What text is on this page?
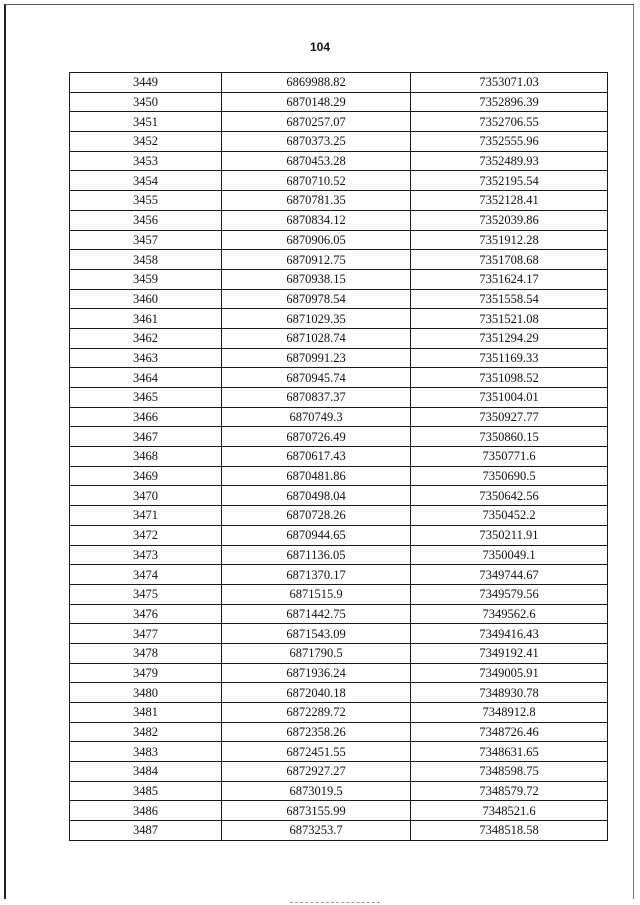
104
3449	6869988.82	7353071.03
3450	6870148.29	7352896.39
3451	6870257.07	7352706.55
3452	6870373.25	7352555.96
3453	6870453.28	7352489.93
3454	6870710.52	7352195.54
3455	6870781.35	7352128.41
3456	6870834.12	7352039.86
3457	6870906.05	7351912.28
3458	6870912.75	7351708.68
3459	6870938.15	7351624.17
3460	6870978.54	7351558.54
3461	6871029.35	7351521.08
3462	6871028.74	7351294.29
3463	6870991.23	7351169.33
3464	6870945.74	7351098.52
3465	6870837.37	7351004.01
3466	6870749.3	7350927.77
3467	6870726.49	7350860.15
3468	6870617.43	7350771.6
3469	6870481.86	7350690.5
3470	6870498.04	7350642.56
3471	6870728.26	7350452.2
3472	6870944.65	7350211.91
3473	6871136.05	7350049.1
3474	6871370.17	7349744.67
3475	6871515.9	7349579.56
3476	6871442.75	7349562.6
3477	6871543.09	7349416.43
3478	6871790.5	7349192.41
3479	6871936.24	7349005.91
3480	6872040.18	7348930.78
3481	6872289.72	7348912.8
3482	6872358.26	7348726.46
3483	6872451.55	7348631.65
3484	6872927.27	7348598.75
3485	6873019.5	7348579.72
3486	6873155.99	7348521.6
3487	6873253.7	7348518.58
